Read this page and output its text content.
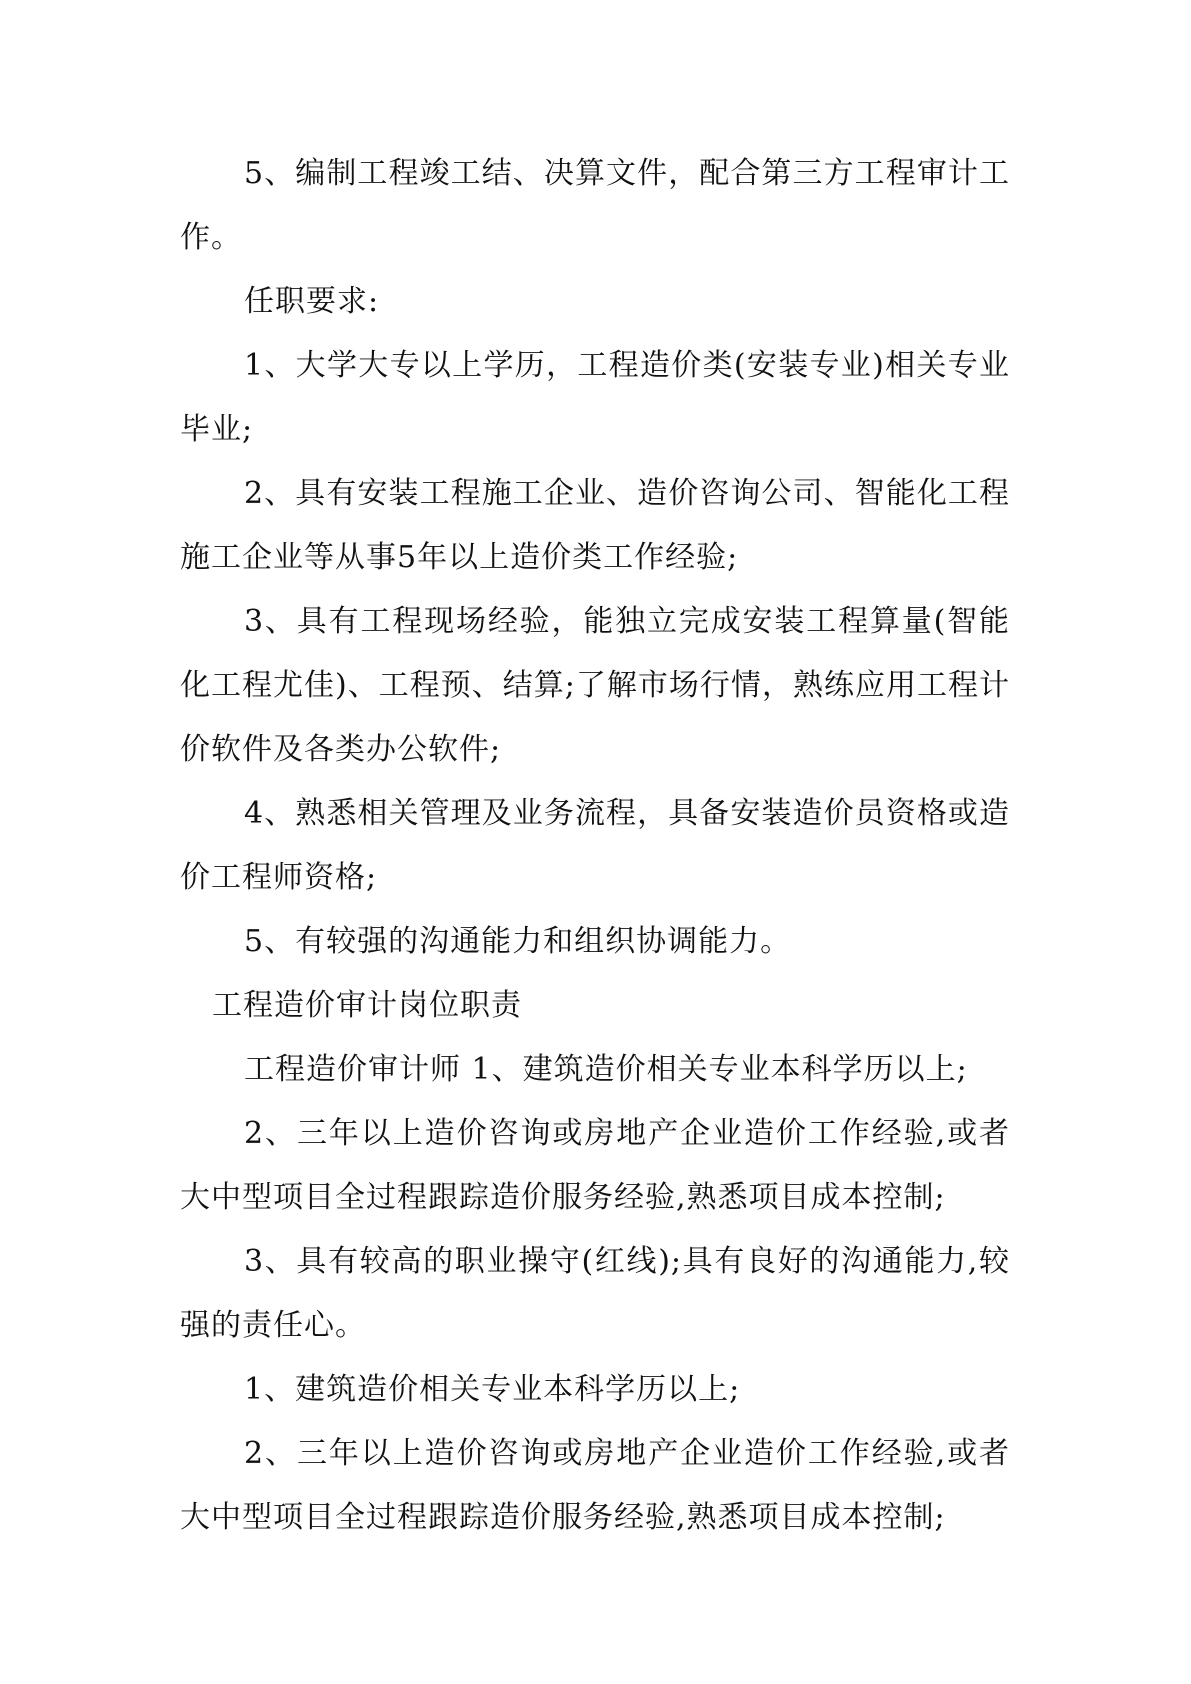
5、编制工程竣工结、决算文件，配合第三方工程审计工作。

任职要求:

1、大学大专以上学历，工程造价类(安装专业)相关专业毕业;

2、具有安装工程施工企业、造价咨询公司、智能化工程施工企业等从事5年以上造价类工作经验;

3、具有工程现场经验，能独立完成安装工程算量(智能化工程尤佳)、工程预、结算;了解市场行情，熟练应用工程计价软件及各类办公软件;

4、熟悉相关管理及业务流程，具备安装造价员资格或造价工程师资格;

5、有较强的沟通能力和组织协调能力。

工程造价审计岗位职责

工程造价审计师 1、建筑造价相关专业本科学历以上;

2、三年以上造价咨询或房地产企业造价工作经验,或者大中型项目全过程跟踪造价服务经验,熟悉项目成本控制;

3、具有较高的职业操守(红线);具有良好的沟通能力,较强的责任心。

1、建筑造价相关专业本科学历以上;

2、三年以上造价咨询或房地产企业造价工作经验,或者大中型项目全过程跟踪造价服务经验,熟悉项目成本控制;
